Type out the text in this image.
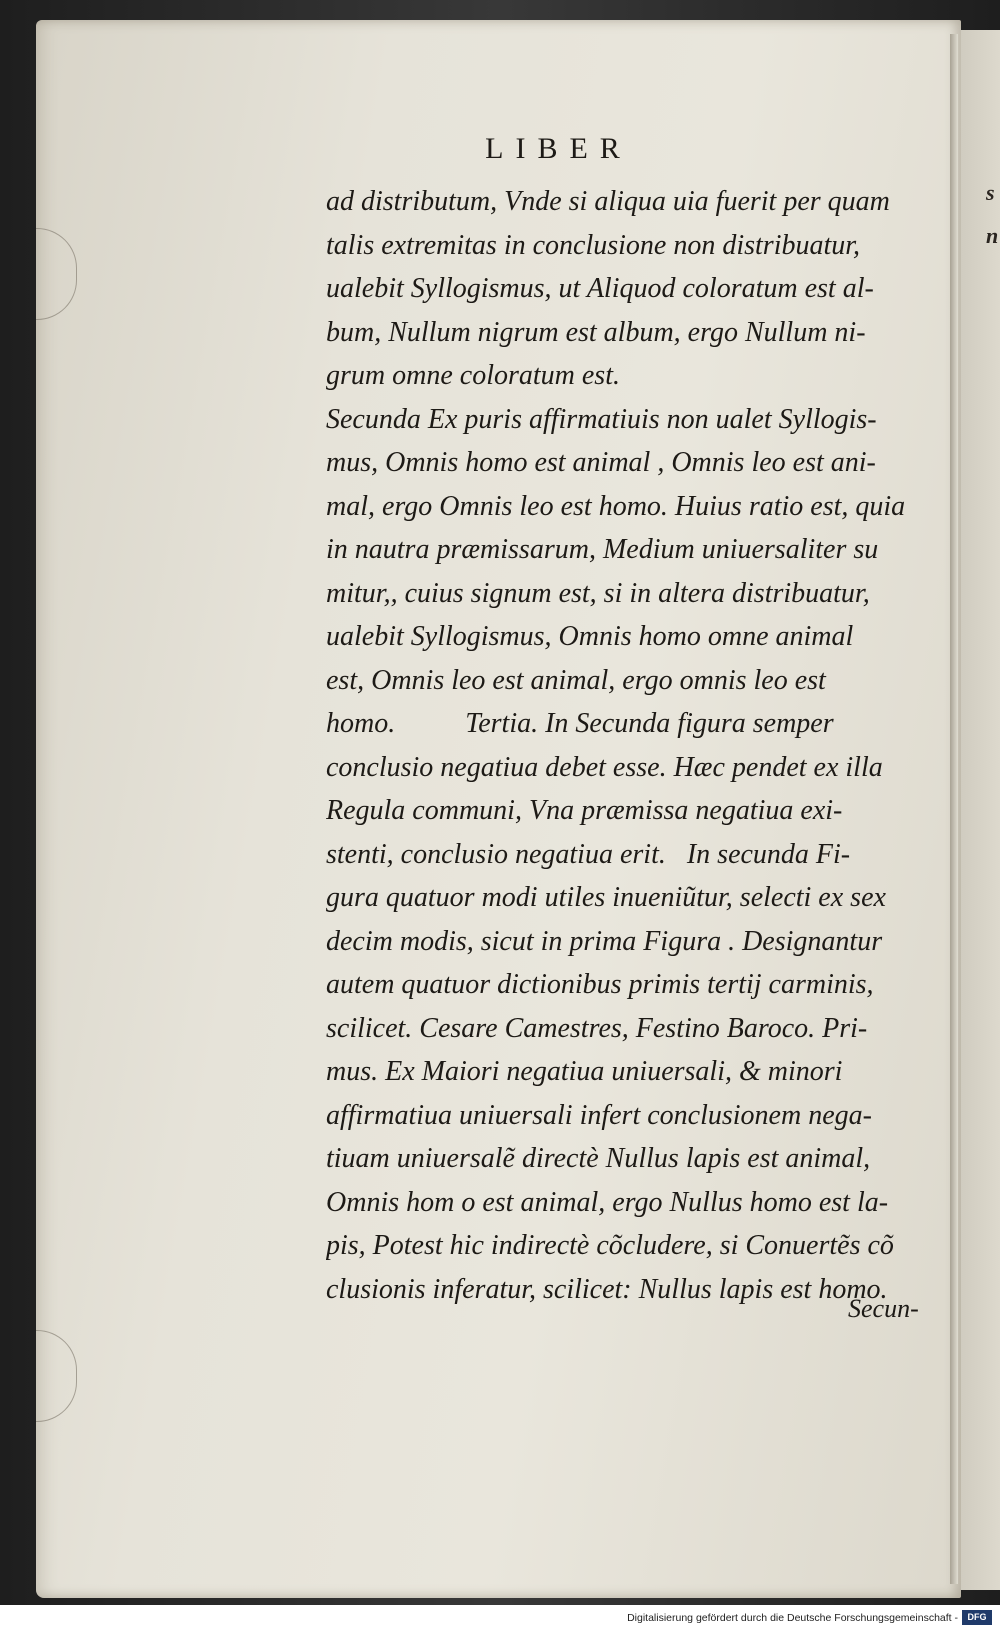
s
n
LIBER
ad distributum, Vnde si aliqua uia fuerit per quam
talis extremitas in conclusione non distribuatur,
ualebit Syllogismus, ut Aliquod coloratum est al-
bum, Nullum nigrum est album, ergo Nullum ni-
grum omne coloratum est.
Secunda Ex puris affirmatiuis non ualet Syllogis-
mus, Omnis homo est animal , Omnis leo est ani-
mal, ergo Omnis leo est homo. Huius ratio est, quia
in nautra præmissarum, Medium uniuersaliter su
mitur,, cuius signum est, si in altera distribuatur,
ualebit Syllogismus, Omnis homo omne animal
est, Omnis leo est animal, ergo omnis leo est
homo.          Tertia. In Secunda figura semper
conclusio negatiua debet esse. Hæc pendet ex illa
Regula communi, Vna præmissa negatiua exi-
stenti, conclusio negatiua erit.   In secunda Fi-
gura quatuor modi utiles inueniũtur, selecti ex sex
decim modis, sicut in prima Figura . Designantur
autem quatuor dictionibus primis tertij carminis,
scilicet. Cesare Camestres, Festino Baroco. Pri-
mus. Ex Maiori negatiua uniuersali, & minori
affirmatiua uniuersali infert conclusionem nega-
tiuam uniuersalẽ directè Nullus lapis est animal,
Omnis hom o est animal, ergo Nullus homo est la-
pis, Potest hic indirectè cõcludere, si Conuertẽs cõ
clusionis inferatur, scilicet: Nullus lapis est homo.
Secun-
Digitalisierung gefördert durch die Deutsche Forschungsgemeinschaft -	DFG
